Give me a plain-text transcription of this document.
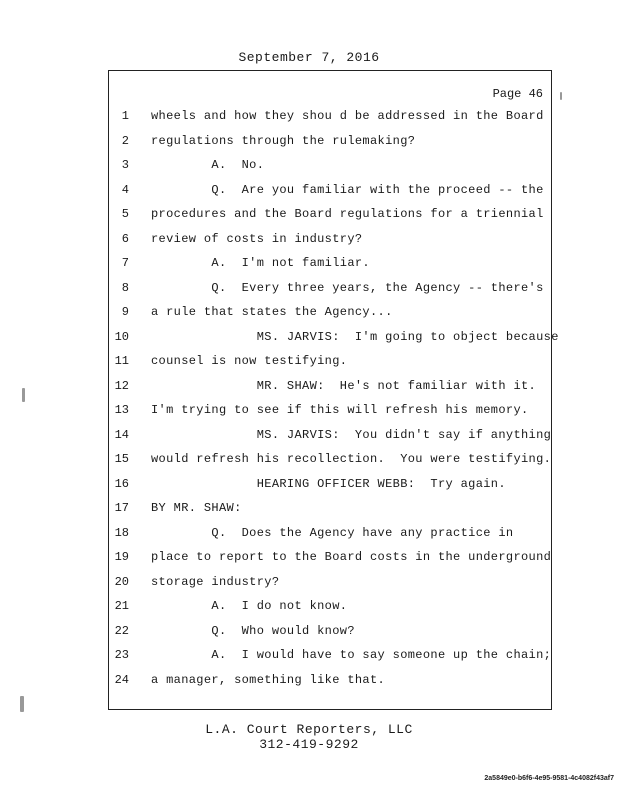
September 7, 2016
Page 46
1 wheels and how they shou d be addressed in the Board
2 regulations through the rulemaking?
3 A.  No.
4 Q.  Are you familiar with the proceed -- the
5 procedures and the Board regulations for a triennial
6 review of costs in industry?
7 A.  I'm not familiar.
8 Q.  Every three years, the Agency -- there's
9 a rule that states the Agency...
10 MS. JARVIS:  I'm going to object because
11 counsel is now testifying.
12 MR. SHAW:  He's not familiar with it.
13 I'm trying to see if this will refresh his memory.
14 MS. JARVIS:  You didn't say if anything
15 would refresh his recollection.  You were testifying.
16 HEARING OFFICER WEBB:  Try again.
17 BY MR. SHAW:
18 Q.  Does the Agency have any practice in
19 place to report to the Board costs in the underground
20 storage industry?
21 A.  I do not know.
22 Q.  Who would know?
23 A.  I would have to say someone up the chain;
24 a manager, something like that.
L.A. Court Reporters, LLC
312-419-9292
2a5849e0-b6f6-4e95-9581-4c4082f43af7
